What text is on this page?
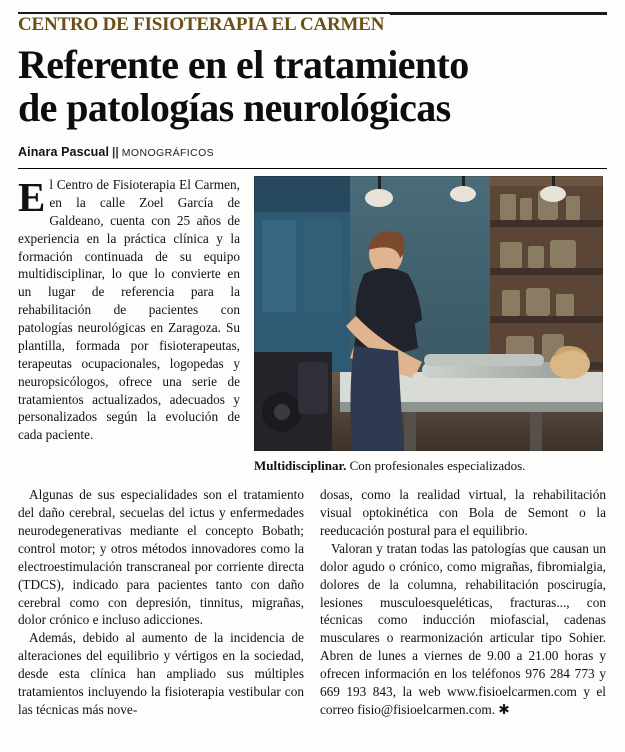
CENTRO DE FISIOTERAPIA EL CARMEN
Referente en el tratamiento
de patologías neurológicas
Ainara Pascual || MONOGRÁFICOS

El Centro de Fisioterapia El Carmen, en la calle Zoel García de Galdeano, cuenta con 25 años de experiencia en la práctica clínica y la formación continuada de su equipo multidisciplinar, lo que lo convierte en un lugar de referencia para la rehabilitación de pacientes con patologías neurológicas en Zaragoza. Su plantilla, formada por fisioterapeutas, terapeutas ocupacionales, logopedas y neuropsicólogos, ofrece una serie de tratamientos actualizados, adecuados y personalizados según la evolución de cada paciente.

Multidisciplinar. Con profesionales especializados.

Algunas de sus especialidades son el tratamiento del daño cerebral, secuelas del ictus y enfermedades neurodegenerativas mediante el concepto Bobath; control motor; y otros métodos innovadores como la electroestimulación transcraneal por corriente directa (TDCS), indicado para pacientes tanto con daño cerebral como con depresión, tinnitus, migrañas, dolor crónico e incluso adicciones.

Además, debido al aumento de la incidencia de alteraciones del equilibrio y vértigos en la sociedad, desde esta clínica han ampliado sus múltiples tratamientos incluyendo la fisioterapia vestibular con las técnicas más nove-

dosas, como la realidad virtual, la rehabilitación visual optokinética con Bola de Semont o la reeducación postural para el equilibrio.

Valoran y tratan todas las patologías que causan un dolor agudo o crónico, como migrañas, fibromialgia, dolores de la columna, rehabilitación poscirugía, lesiones musculoesqueléticas, fracturas..., con técnicas como inducción miofascial, cadenas musculares o rearmonización articular tipo Sohier. Abren de lunes a viernes de 9.00 a 21.00 horas y ofrecen información en los teléfonos 976 284 773 y 669 193 843, la web www.fisioelcarmen.com y el correo fisio@fisioelcarmen.com. ✱
